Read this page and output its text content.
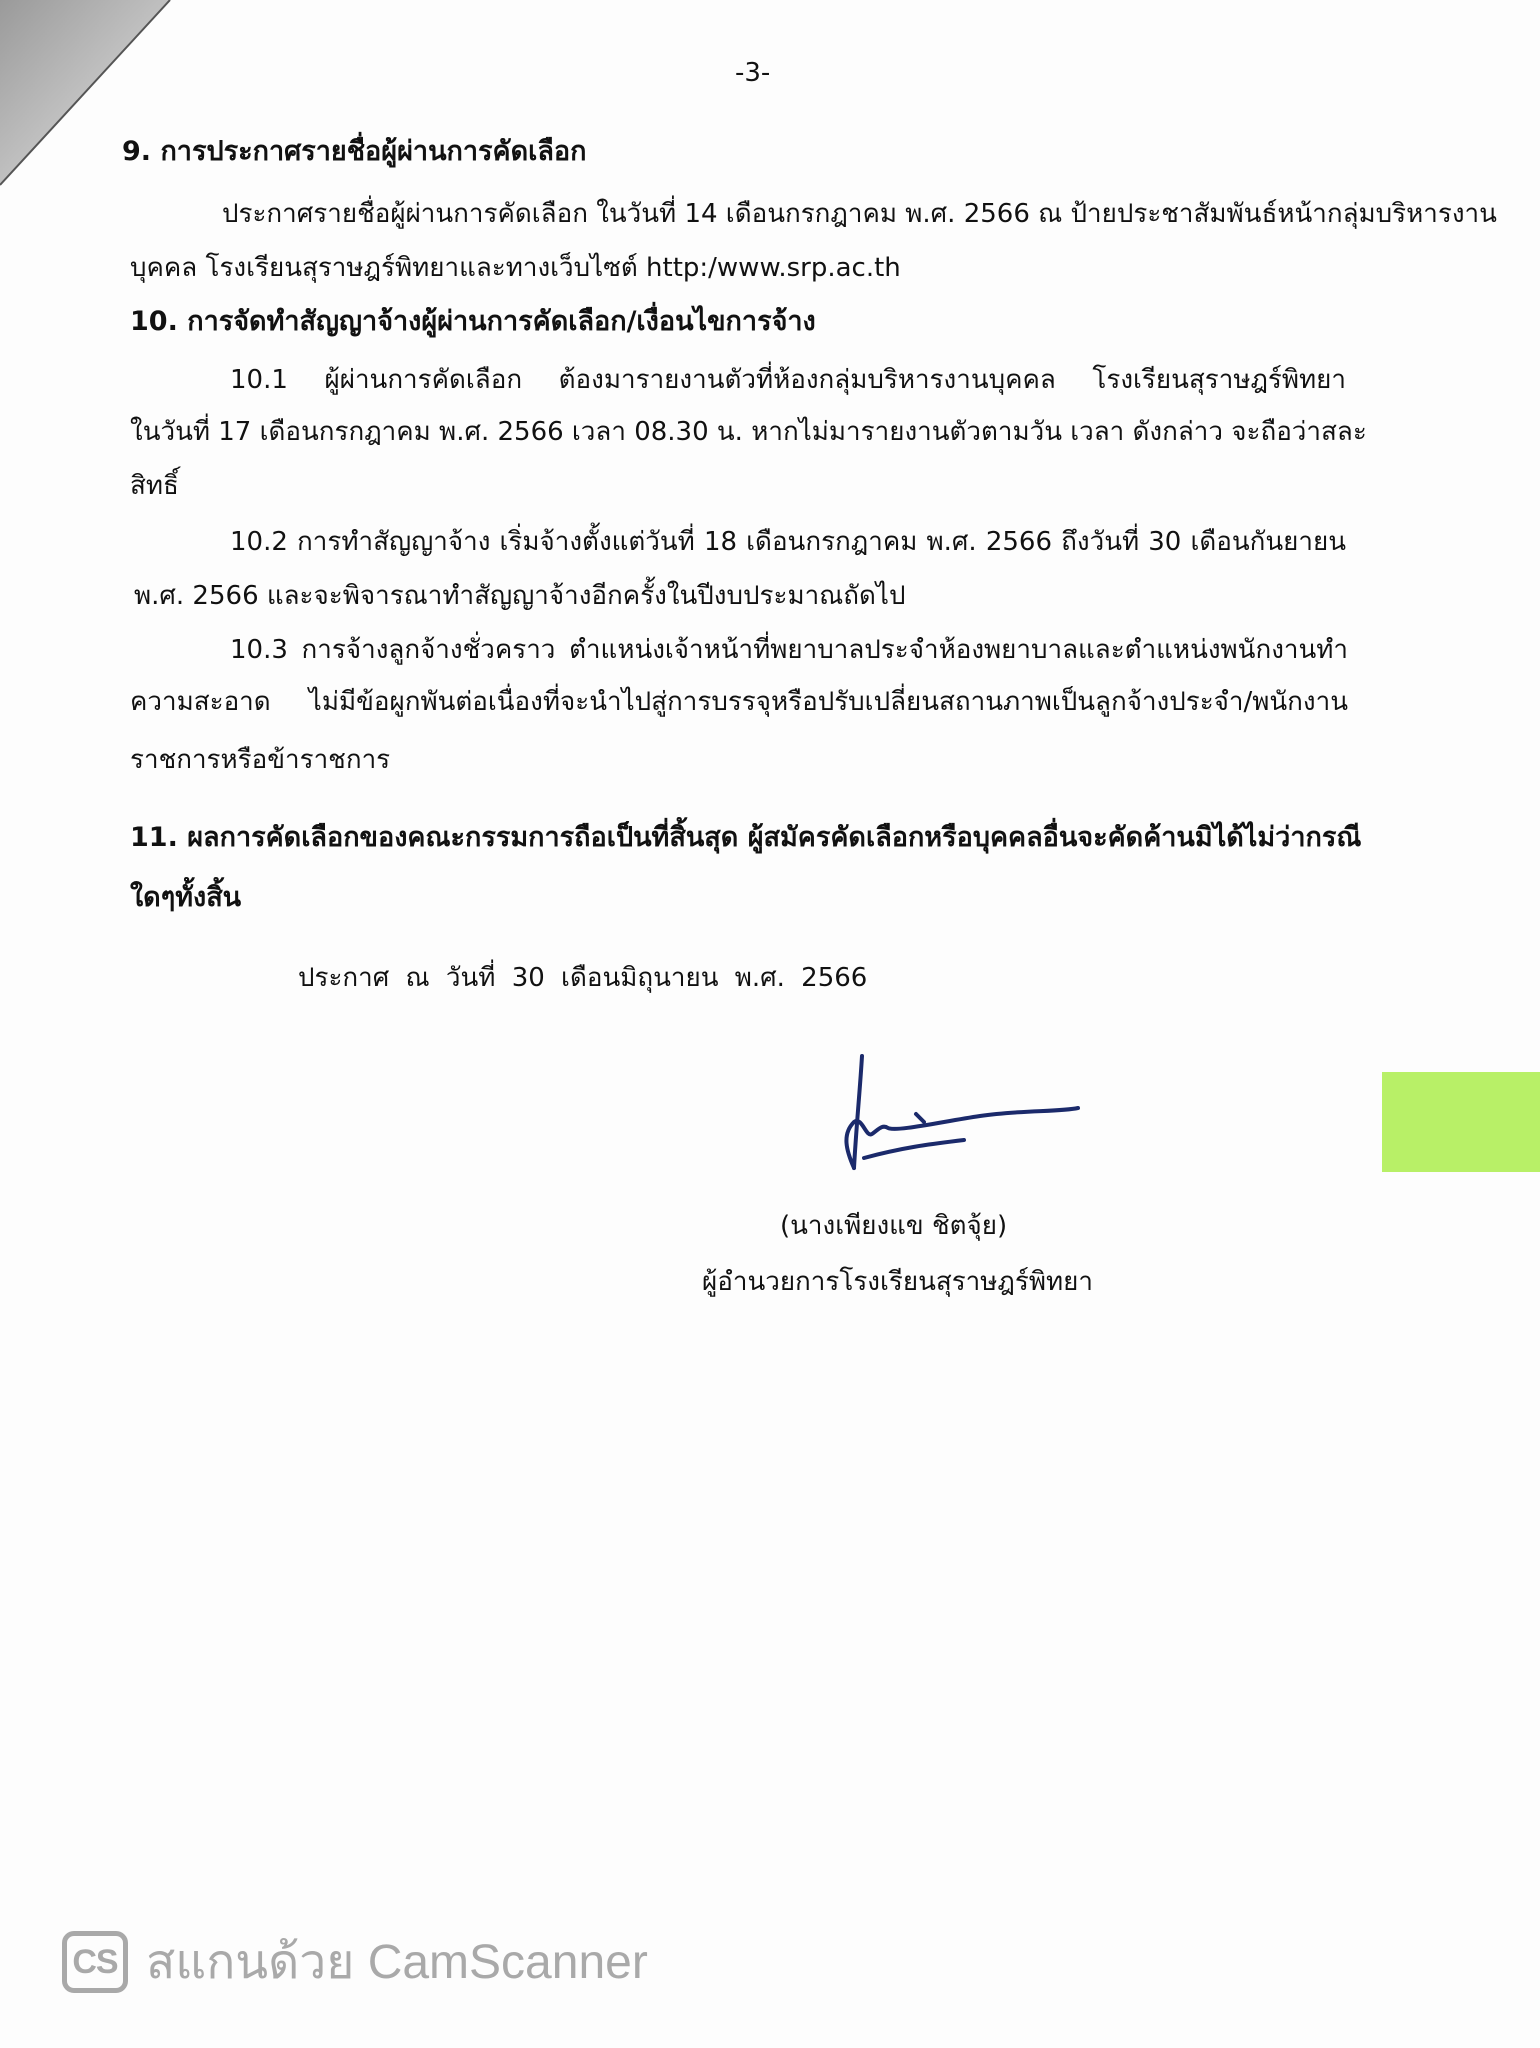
-3-
9. การประกาศรายชื่อผู้ผ่านการคัดเลือก
ประกาศรายชื่อผู้ผ่านการคัดเลือก ในวันที่ 14 เดือนกรกฎาคม พ.ศ. 2566 ณ ป้ายประชาสัมพันธ์หน้ากลุ่มบริหารงาน
บุคคล โรงเรียนสุราษฎร์พิทยาและทางเว็บไซต์ http:/www.srp.ac.th
10. การจัดทำสัญญาจ้างผู้ผ่านการคัดเลือก/เงื่อนไขการจ้าง
10.1 ผู้ผ่านการคัดเลือก ต้องมารายงานตัวที่ห้องกลุ่มบริหารงานบุคคล โรงเรียนสุราษฎร์พิทยา
ในวันที่ 17 เดือนกรกฎาคม พ.ศ. 2566 เวลา 08.30 น. หากไม่มารายงานตัวตามวัน เวลา ดังกล่าว จะถือว่าสละ
สิทธิ์
10.2 การทำสัญญาจ้าง เริ่มจ้างตั้งแต่วันที่ 18 เดือนกรกฎาคม พ.ศ. 2566 ถึงวันที่ 30 เดือนกันยายน
พ.ศ. 2566 และจะพิจารณาทำสัญญาจ้างอีกครั้งในปีงบประมาณถัดไป
10.3 การจ้างลูกจ้างชั่วคราว ตำแหน่งเจ้าหน้าที่พยาบาลประจำห้องพยาบาลและตำแหน่งพนักงานทำ
ความสะอาด ไม่มีข้อผูกพันต่อเนื่องที่จะนำไปสู่การบรรจุหรือปรับเปลี่ยนสถานภาพเป็นลูกจ้างประจำ/พนักงาน
ราชการหรือข้าราชการ
11. ผลการคัดเลือกของคณะกรรมการถือเป็นที่สิ้นสุด ผู้สมัครคัดเลือกหรือบุคคลอื่นจะคัดค้านมิได้ไม่ว่ากรณี
ใดๆทั้งสิ้น
ประกาศ ณ วันที่ 30 เดือนมิถุนายน พ.ศ. 2566
(นางเพียงแข ชิตจุ้ย)
ผู้อำนวยการโรงเรียนสุราษฎร์พิทยา
CS สแกนด้วย CamScanner
